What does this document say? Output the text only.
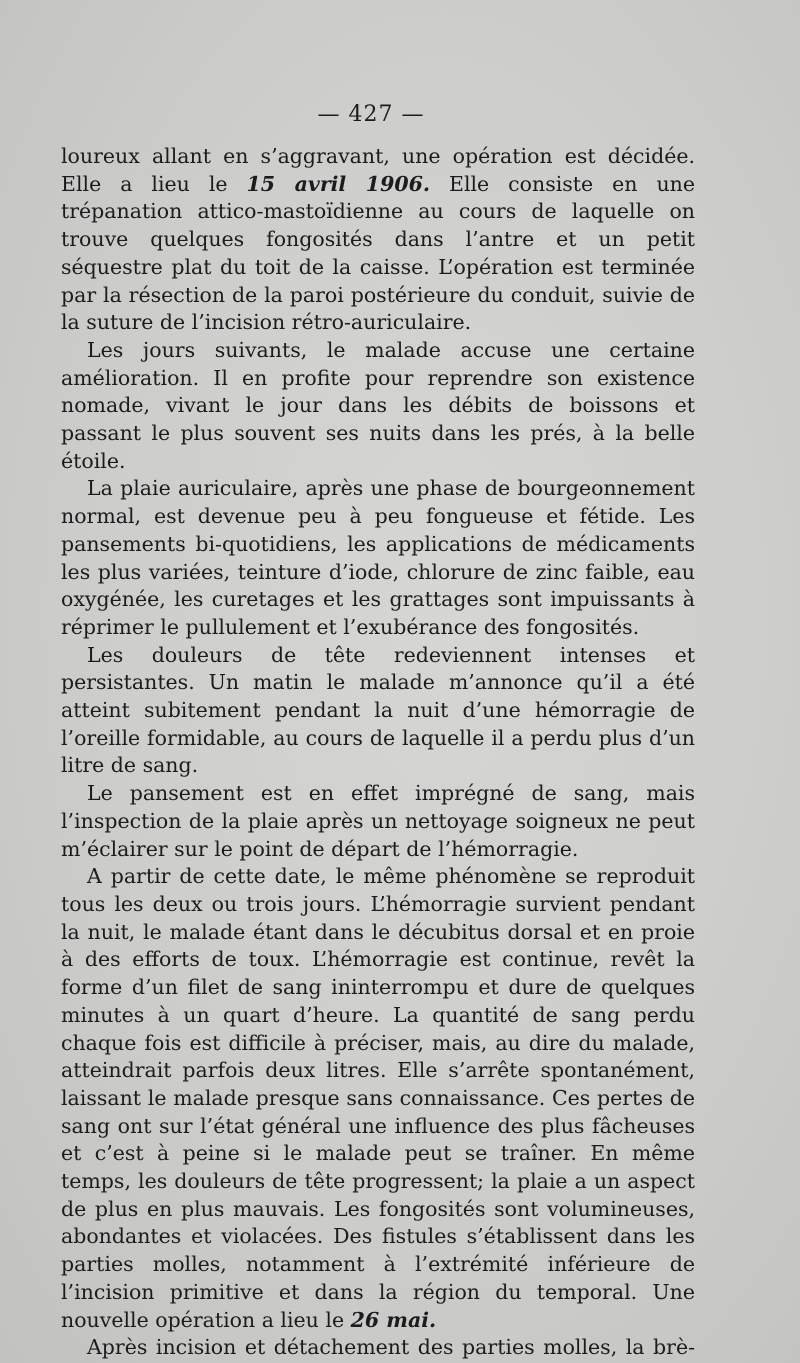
— 427 —

loureux allant en s’aggravant, une opération est décidée. Elle a lieu le 15 avril 1906. Elle consiste en une trépanation attico-mastoïdienne au cours de laquelle on trouve quelques fongosités dans l’antre et un petit séquestre plat du toit de la caisse. L’opération est terminée par la résection de la paroi postérieure du conduit, suivie de la suture de l’incision rétro-auriculaire.

Les jours suivants, le malade accuse une certaine amélioration. Il en profite pour reprendre son existence nomade, vivant le jour dans les débits de boissons et passant le plus souvent ses nuits dans les prés, à la belle étoile.

La plaie auriculaire, après une phase de bourgeonnement normal, est devenue peu à peu fongueuse et fétide. Les pansements bi-quotidiens, les applications de médicaments les plus variées, teinture d’iode, chlorure de zinc faible, eau oxygénée, les curetages et les grattages sont impuissants à réprimer le pullulement et l’exubérance des fongosités.

Les douleurs de tête redeviennent intenses et persistantes. Un matin le malade m’annonce qu’il a été atteint subitement pendant la nuit d’une hémorragie de l’oreille formidable, au cours de laquelle il a perdu plus d’un litre de sang.

Le pansement est en effet imprégné de sang, mais l’inspection de la plaie après un nettoyage soigneux ne peut m’éclairer sur le point de départ de l’hémorragie.

A partir de cette date, le même phénomène se reproduit tous les deux ou trois jours. L’hémorragie survient pendant la nuit, le malade étant dans le décubitus dorsal et en proie à des efforts de toux. L’hémorragie est continue, revêt la forme d’un filet de sang ininterrompu et dure de quelques minutes à un quart d’heure. La quantité de sang perdu chaque fois est difficile à préciser, mais, au dire du malade, atteindrait parfois deux litres. Elle s’arrête spontanément, laissant le malade presque sans connaissance. Ces pertes de sang ont sur l’état général une influence des plus fâcheuses et c’est à peine si le malade peut se traîner. En même temps, les douleurs de tête progressent; la plaie a un aspect de plus en plus mauvais. Les fongosités sont volumineuses, abondantes et violacées. Des fistules s’établissent dans les parties molles, notamment à l’extrémité inférieure de l’incision primitive et dans la région du temporal. Une nouvelle opération a lieu le 26 mai.

Après incision et détachement des parties molles, la brè-
